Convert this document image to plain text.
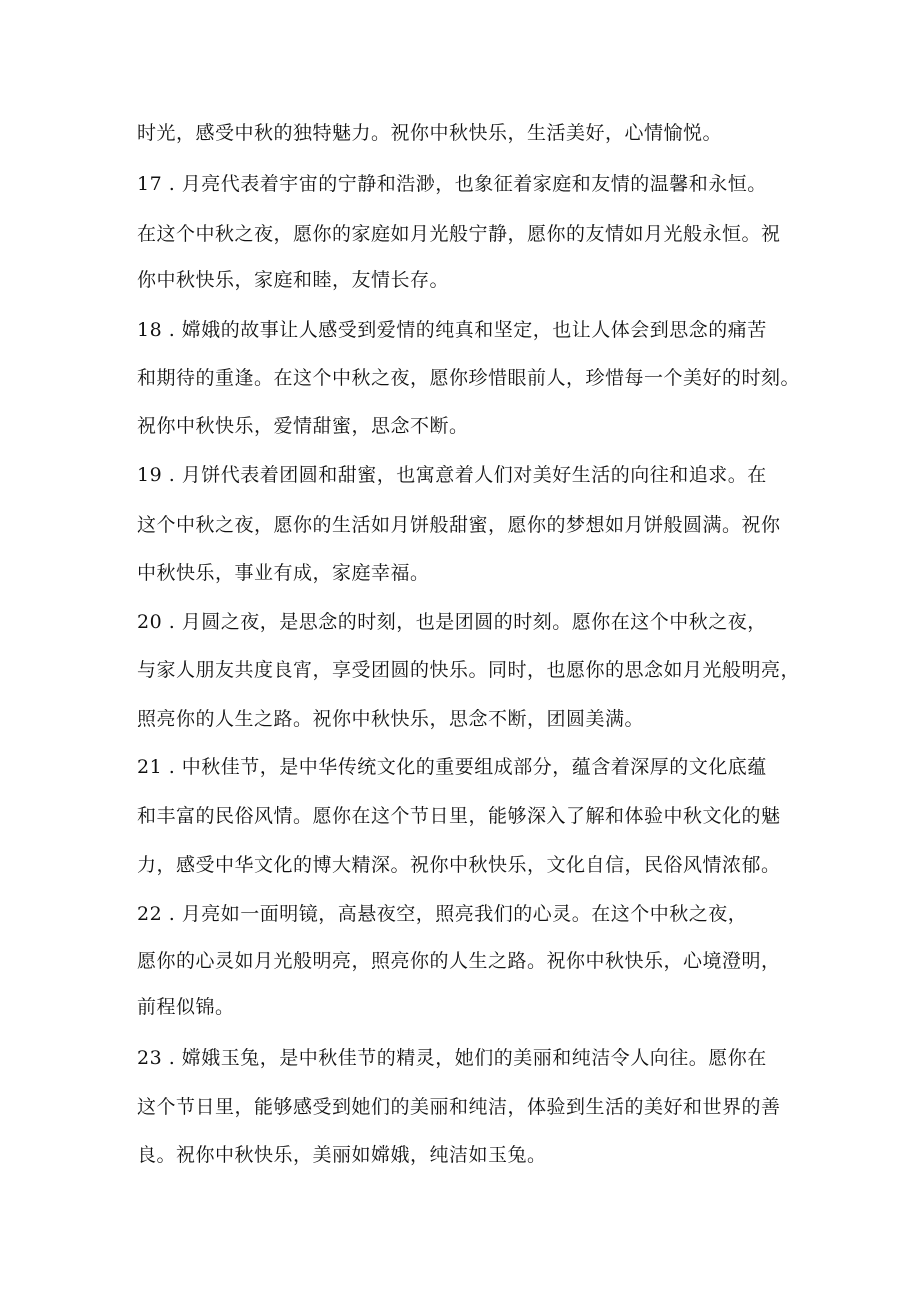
时光，感受中秋的独特魅力。祝你中秋快乐，生活美好，心情愉悦。
17 . 月亮代表着宇宙的宁静和浩渺，也象征着家庭和友情的温馨和永恒。
在这个中秋之夜，愿你的家庭如月光般宁静，愿你的友情如月光般永恒。祝
你中秋快乐，家庭和睦，友情长存。
18 . 嫦娥的故事让人感受到爱情的纯真和坚定，也让人体会到思念的痛苦
和期待的重逢。在这个中秋之夜，愿你珍惜眼前人，珍惜每一个美好的时刻。
祝你中秋快乐，爱情甜蜜，思念不断。
19 . 月饼代表着团圆和甜蜜，也寓意着人们对美好生活的向往和追求。在
这个中秋之夜，愿你的生活如月饼般甜蜜，愿你的梦想如月饼般圆满。祝你
中秋快乐，事业有成，家庭幸福。
20 . 月圆之夜，是思念的时刻，也是团圆的时刻。愿你在这个中秋之夜，
与家人朋友共度良宵，享受团圆的快乐。同时，也愿你的思念如月光般明亮，
照亮你的人生之路。祝你中秋快乐，思念不断，团圆美满。
21 . 中秋佳节，是中华传统文化的重要组成部分，蕴含着深厚的文化底蕴
和丰富的民俗风情。愿你在这个节日里，能够深入了解和体验中秋文化的魅
力，感受中华文化的博大精深。祝你中秋快乐，文化自信，民俗风情浓郁。
22 . 月亮如一面明镜，高悬夜空，照亮我们的心灵。在这个中秋之夜，
愿你的心灵如月光般明亮，照亮你的人生之路。祝你中秋快乐，心境澄明，
前程似锦。
23 . 嫦娥玉兔，是中秋佳节的精灵，她们的美丽和纯洁令人向往。愿你在
这个节日里，能够感受到她们的美丽和纯洁，体验到生活的美好和世界的善
良。祝你中秋快乐，美丽如嫦娥，纯洁如玉兔。
